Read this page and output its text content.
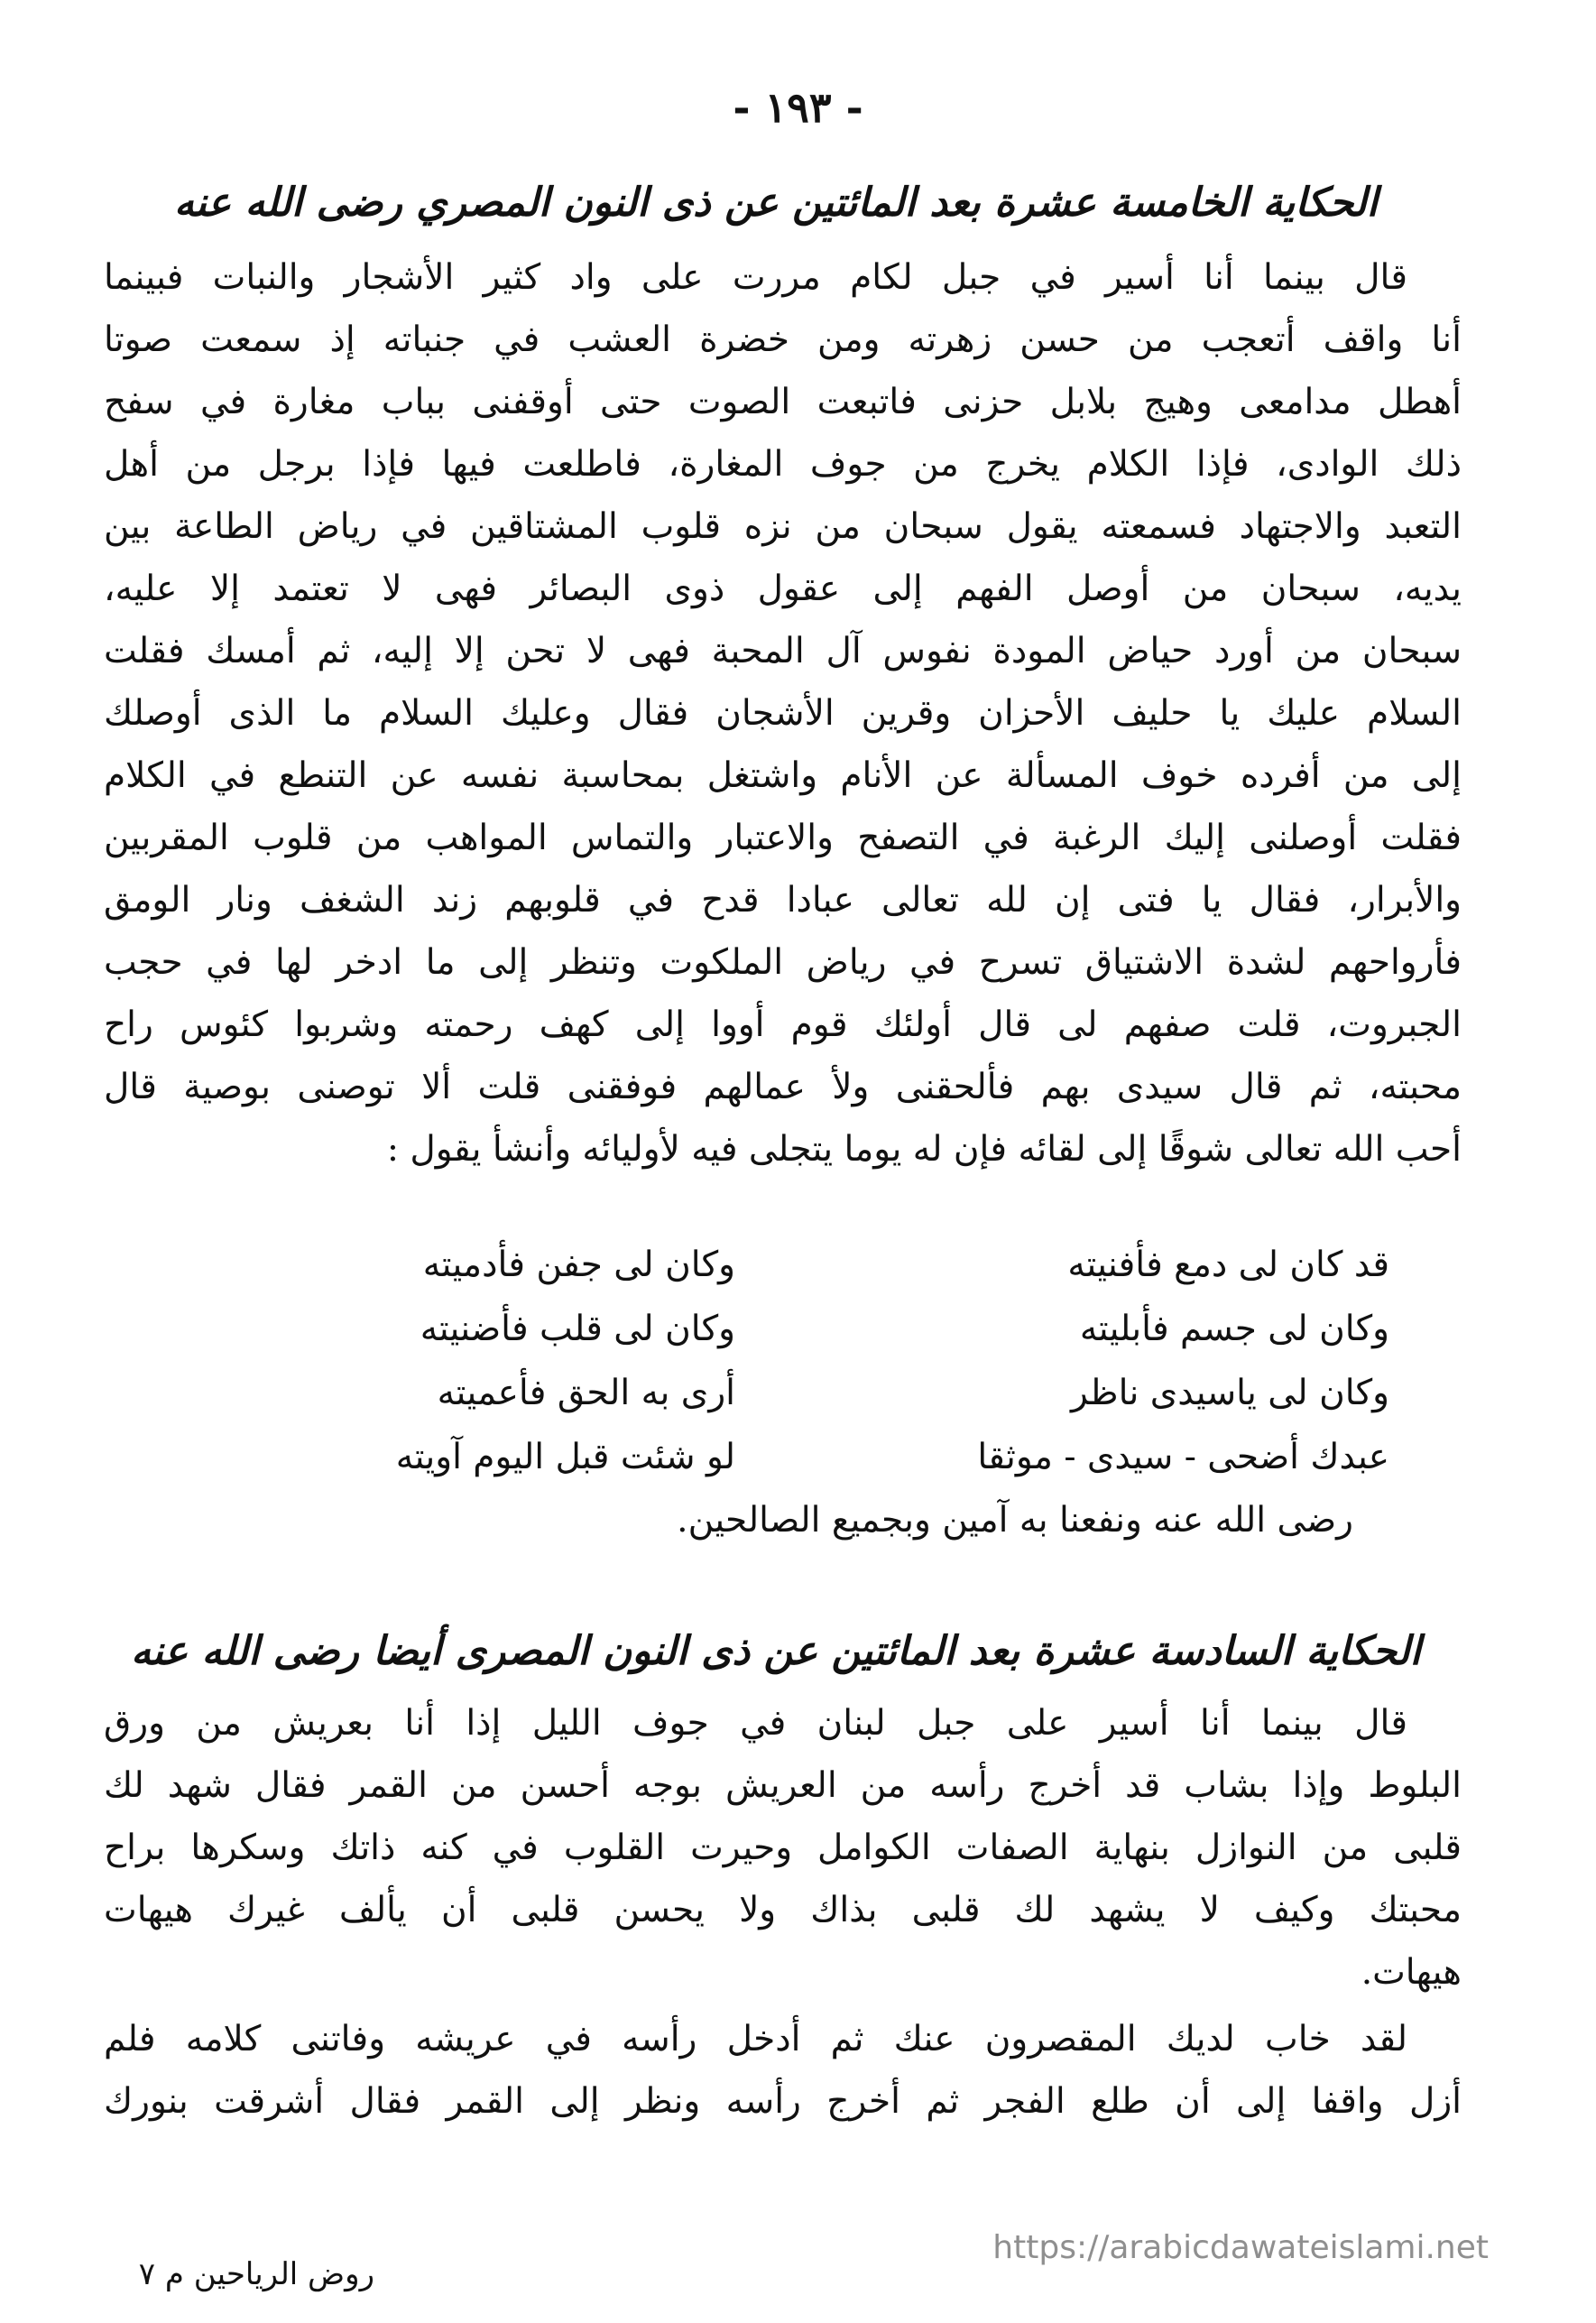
- ١٩٣ -
الحكاية الخامسة عشرة بعد المائتين عن ذى النون المصري رضى الله عنه
قال بينما أنا أسير في جبل لكام مررت على واد كثير الأشجار والنبات فبينما
أنا واقف أتعجب من حسن زهرته ومن خضرة العشب في جنباته إذ سمعت صوتا
أهطل مدامعى وهيج بلابل حزنى فاتبعت الصوت حتى أوقفنى بباب مغارة في سفح
ذلك الوادى، فإذا الكلام يخرج من جوف المغارة، فاطلعت فيها فإذا برجل من أهل
التعبد والاجتهاد فسمعته يقول سبحان من نزه قلوب المشتاقين في رياض الطاعة بين
يديه، سبحان من أوصل الفهم إلى عقول ذوى البصائر فهى لا تعتمد إلا عليه،
سبحان من أورد حياض المودة نفوس آل المحبة فهى لا تحن إلا إليه، ثم أمسك فقلت
السلام عليك يا حليف الأحزان وقرين الأشجان فقال وعليك السلام ما الذى أوصلك
إلى من أفرده خوف المسألة عن الأنام واشتغل بمحاسبة نفسه عن التنطع في الكلام
فقلت أوصلنى إليك الرغبة في التصفح والاعتبار والتماس المواهب من قلوب المقربين
والأبرار، فقال يا فتى إن لله تعالى عبادا قدح في قلوبهم زند الشغف ونار الومق
فأرواحهم لشدة الاشتياق تسرح في رياض الملكوت وتنظر إلى ما ادخر لها في حجب
الجبروت، قلت صفهم لى قال أولئك قوم أووا إلى كهف رحمته وشربوا كئوس راح
محبته، ثم قال سيدى بهم فألحقنى ولأ عمالهم فوفقنى قلت ألا توصنى بوصية قال
أحب الله تعالى شوقًا إلى لقائه فإن له يوما يتجلى فيه لأوليائه وأنشأ يقول :
قد كان لى دمع فأفنيته
وكان لى جفن فأدميته
وكان لى جسم فأبليته
وكان لى قلب فأضنيته
وكان لى ياسيدى ناظر
أرى به الحق فأعميته
عبدك أضحى - سيدى - موثقا
لو شئت قبل اليوم آويته
رضى الله عنه ونفعنا به آمين وبجميع الصالحين.
الحكاية السادسة عشرة بعد المائتين عن ذى النون المصرى أيضا رضى الله عنه
قال بينما أنا أسير على جبل لبنان في جوف الليل إذا أنا بعريش من ورق
البلوط وإذا بشاب قد أخرج رأسه من العريش بوجه أحسن من القمر فقال شهد لك
قلبى من النوازل بنهاية الصفات الكوامل وحيرت القلوب في كنه ذاتك وسكرها براح
محبتك وكيف لا يشهد لك قلبى بذاك ولا يحسن قلبى أن يألف غيرك هيهات
هيهات.
لقد خاب لديك المقصرون عنك ثم أدخل رأسه في عريشه وفاتنى كلامه فلم
أزل واقفا إلى أن طلع الفجر ثم أخرج رأسه ونظر إلى القمر فقال أشرقت بنورك
https://arabicdawateislami.net
روض الرياحين م ٧
